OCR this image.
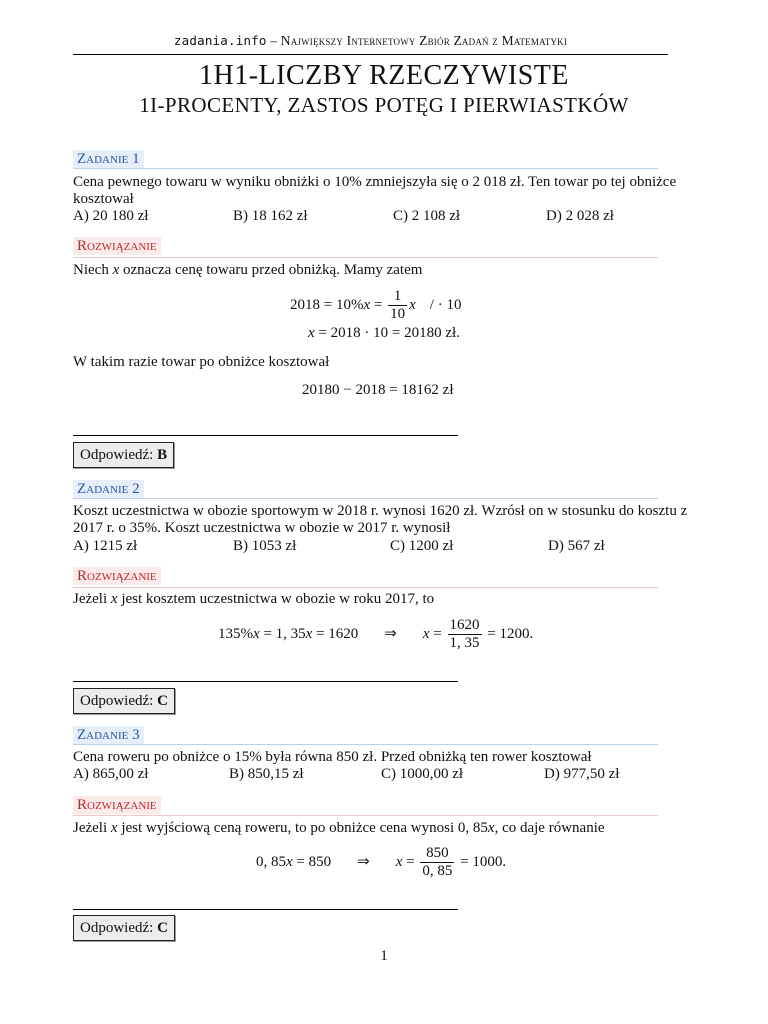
zadania.info – Największy Internetowy Zbiór Zadań z Matematyki
1H1-LICZBY RZECZYWISTE
1I-PROCENTY, ZASTOS POTĘG I PIERWIASTKÓW
Zadanie 1
Cena pewnego towaru w wyniku obniżki o 10% zmniejszyła się o 2 018 zł. Ten towar po tej obniżce kosztował
A) 20 180 zł	B) 18 162 zł	C) 2 108 zł	D) 2 028 zł
Rozwiązanie
Niech x oznacza cenę towaru przed obniżką. Mamy zatem
$2018 = 10\%x = \frac{1}{10}$ x / · 10
x = 2018 · 10 = 20180 zł.
W takim razie towar po obniżce kosztował
20180 − 2018 = 18162 zł
Odpowiedź: B
Zadanie 2
Koszt uczestnictwa w obozie sportowym w 2018 r. wynosi 1620 zł. Wzrósł on w stosunku do kosztu z 2017 r. o 35%. Koszt uczestnictwa w obozie w 2017 r. wynosił
A) 1215 zł	B) 1053 zł	C) 1200 zł	D) 567 zł
Rozwiązanie
Jeżeli x jest kosztem uczestnictwa w obozie w roku 2017, to
135%x = 1, 35x = 1620 ⇒ $x = \frac{1620}{1, 35} = 1200$.
Odpowiedź: C
Zadanie 3
Cena roweru po obniżce o 15% była równa 850 zł. Przed obniżką ten rower kosztował
A) 865,00 zł	B) 850,15 zł	C) 1000,00 zł	D) 977,50 zł
Rozwiązanie
Jeżeli x jest wyjściową ceną roweru, to po obniżce cena wynosi 0, 85x, co daje równanie
0, 85x = 850 ⇒ $x = \frac{850}{0, 85} = 1000$.
Odpowiedź: C
1
